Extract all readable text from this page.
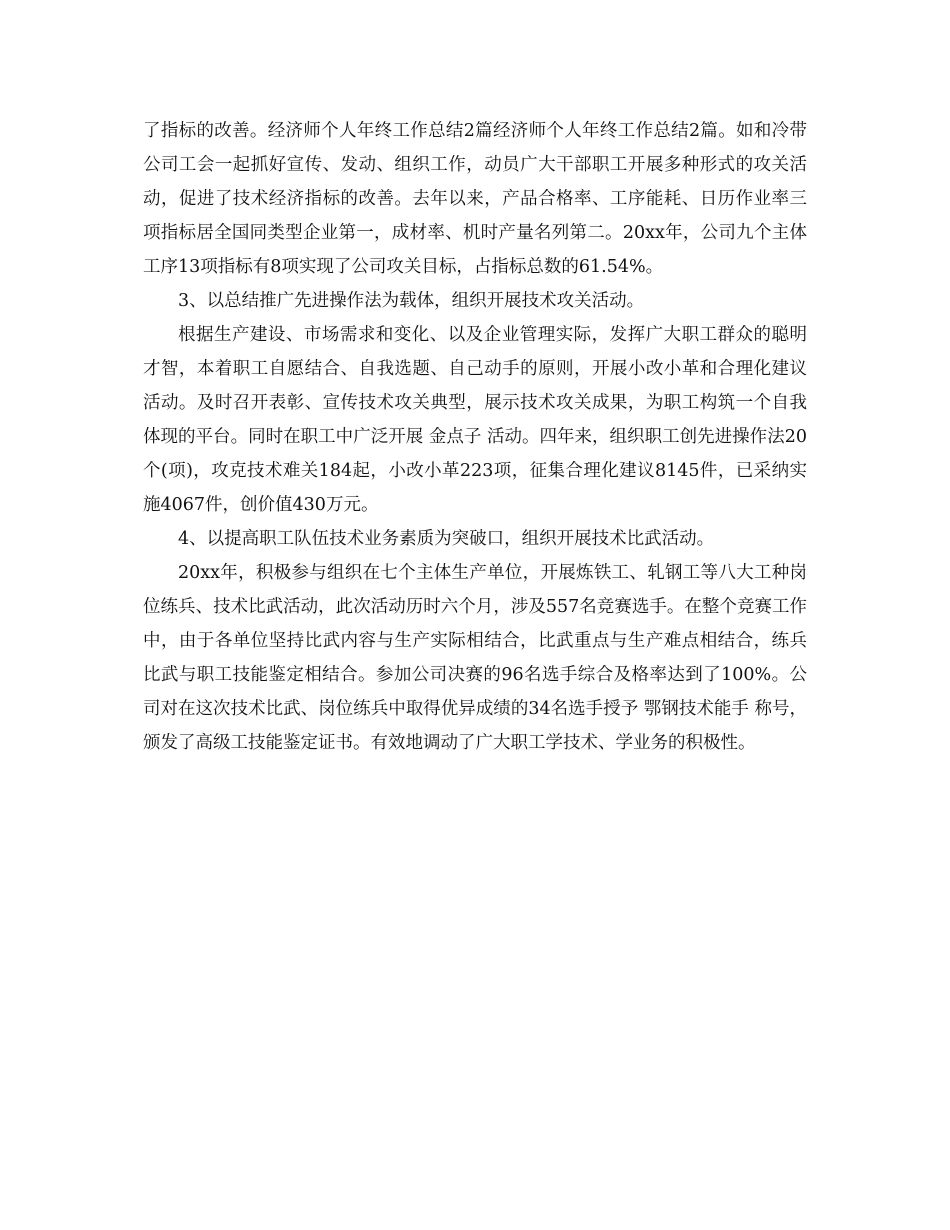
了指标的改善。经济师个人年终工作总结2篇经济师个人年终工作总结2篇。如和冷带公司工会一起抓好宣传、发动、组织工作，动员广大干部职工开展多种形式的攻关活动，促进了技术经济指标的改善。去年以来，产品合格率、工序能耗、日历作业率三项指标居全国同类型企业第一，成材率、机时产量名列第二。20xx年，公司九个主体工序13项指标有8项实现了公司攻关目标，占指标总数的61.54%。

3、以总结推广先进操作法为载体，组织开展技术攻关活动。

根据生产建设、市场需求和变化、以及企业管理实际，发挥广大职工群众的聪明才智，本着职工自愿结合、自我选题、自己动手的原则，开展小改小革和合理化建议活动。及时召开表彰、宣传技术攻关典型，展示技术攻关成果，为职工构筑一个自我体现的平台。同时在职工中广泛开展 金点子 活动。四年来，组织职工创先进操作法20个(项)，攻克技术难关184起，小改小革223项，征集合理化建议8145件，已采纳实施4067件，创价值430万元。

4、以提高职工队伍技术业务素质为突破口，组织开展技术比武活动。

20xx年，积极参与组织在七个主体生产单位，开展炼铁工、轧钢工等八大工种岗位练兵、技术比武活动，此次活动历时六个月，涉及557名竞赛选手。在整个竞赛工作中，由于各单位坚持比武内容与生产实际相结合，比武重点与生产难点相结合，练兵比武与职工技能鉴定相结合。参加公司决赛的96名选手综合及格率达到了100%。公司对在这次技术比武、岗位练兵中取得优异成绩的34名选手授予 鄂钢技术能手 称号，颁发了高级工技能鉴定证书。有效地调动了广大职工学技术、学业务的积极性。
